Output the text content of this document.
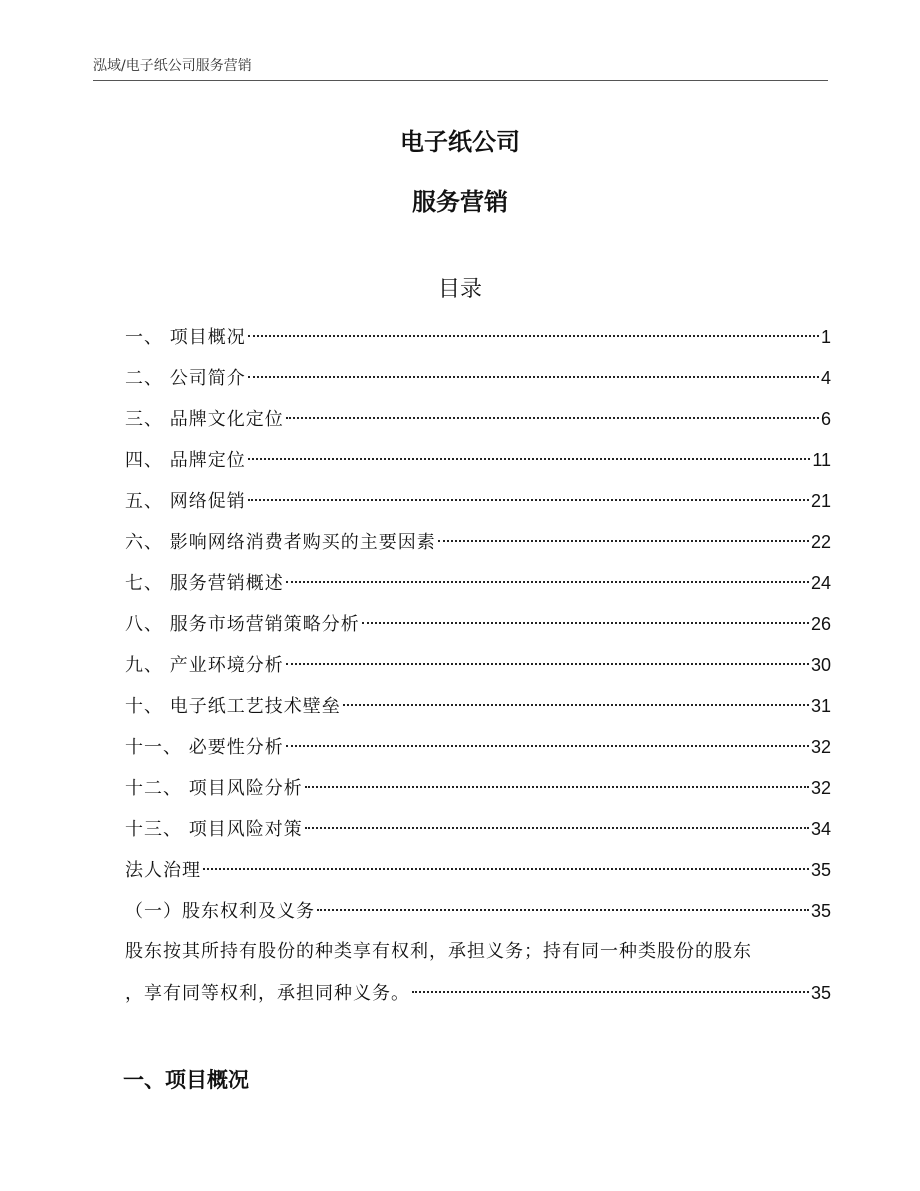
泓域/电子纸公司服务营销
电子纸公司
服务营销
目录
一、 项目概况	1
二、 公司简介	4
三、 品牌文化定位	6
四、 品牌定位	11
五、 网络促销	21
六、 影响网络消费者购买的主要因素	22
七、 服务营销概述	24
八、 服务市场营销策略分析	26
九、 产业环境分析	30
十、 电子纸工艺技术壁垒	31
十一、 必要性分析	32
十二、 项目风险分析	32
十三、 项目风险对策	34
法人治理	35
（一）股东权利及义务	35
股东按其所持有股份的种类享有权利，承担义务；持有同一种类股份的股东
，享有同等权利，承担同种义务。	35
一、项目概况
